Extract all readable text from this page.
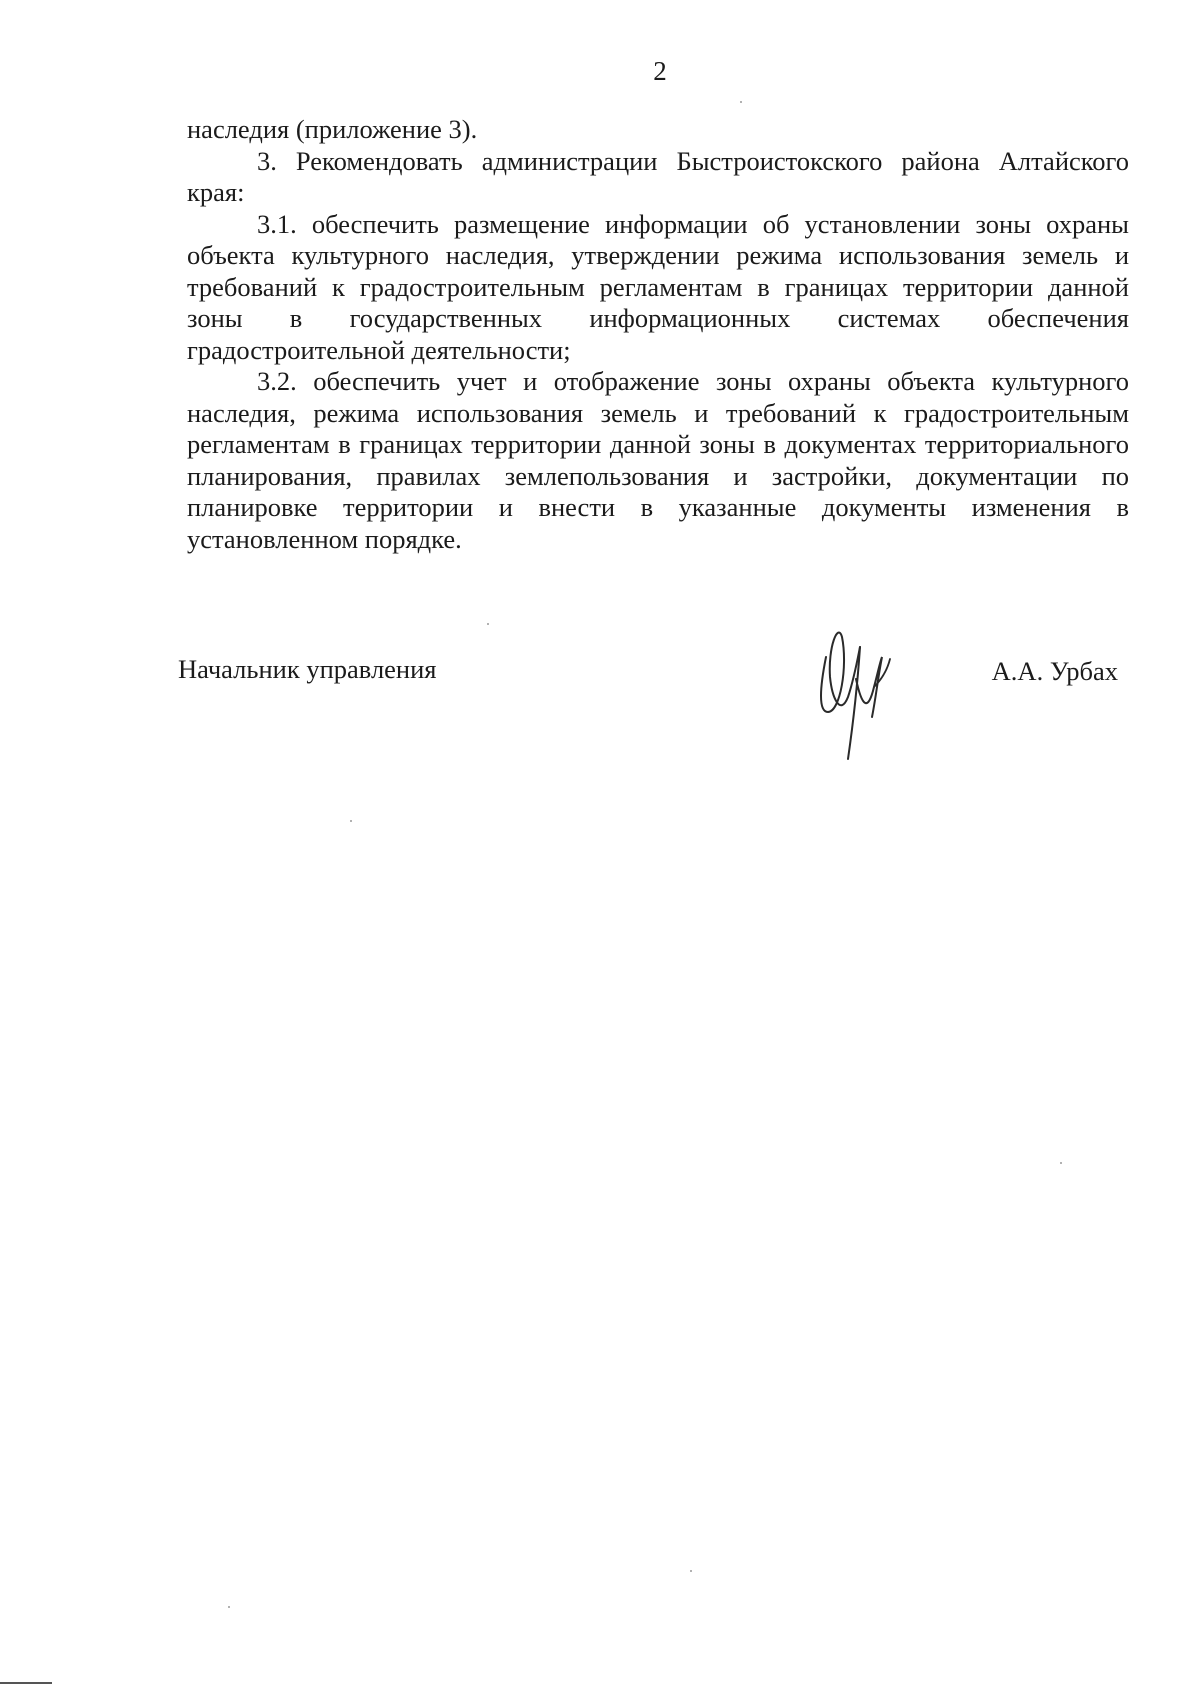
2

наследия (приложение 3).

3. Рекомендовать администрации Быстроистокского района Алтайского края:

3.1. обеспечить размещение информации об установлении зоны охраны объекта культурного наследия, утверждении режима использования земель и требований к градостроительным регламентам в границах территории данной зоны в государственных информационных системах обеспечения градостроительной деятельности;

3.2. обеспечить учет и отображение зоны охраны объекта культурного наследия, режима использования земель и требований к градостроительным регламентам в границах территории данной зоны в документах территориального планирования, правилах землепользования и застройки, документации по планировке территории и внести в указанные документы изменения в установленном порядке.

Начальник управления	А.А. Урбах
